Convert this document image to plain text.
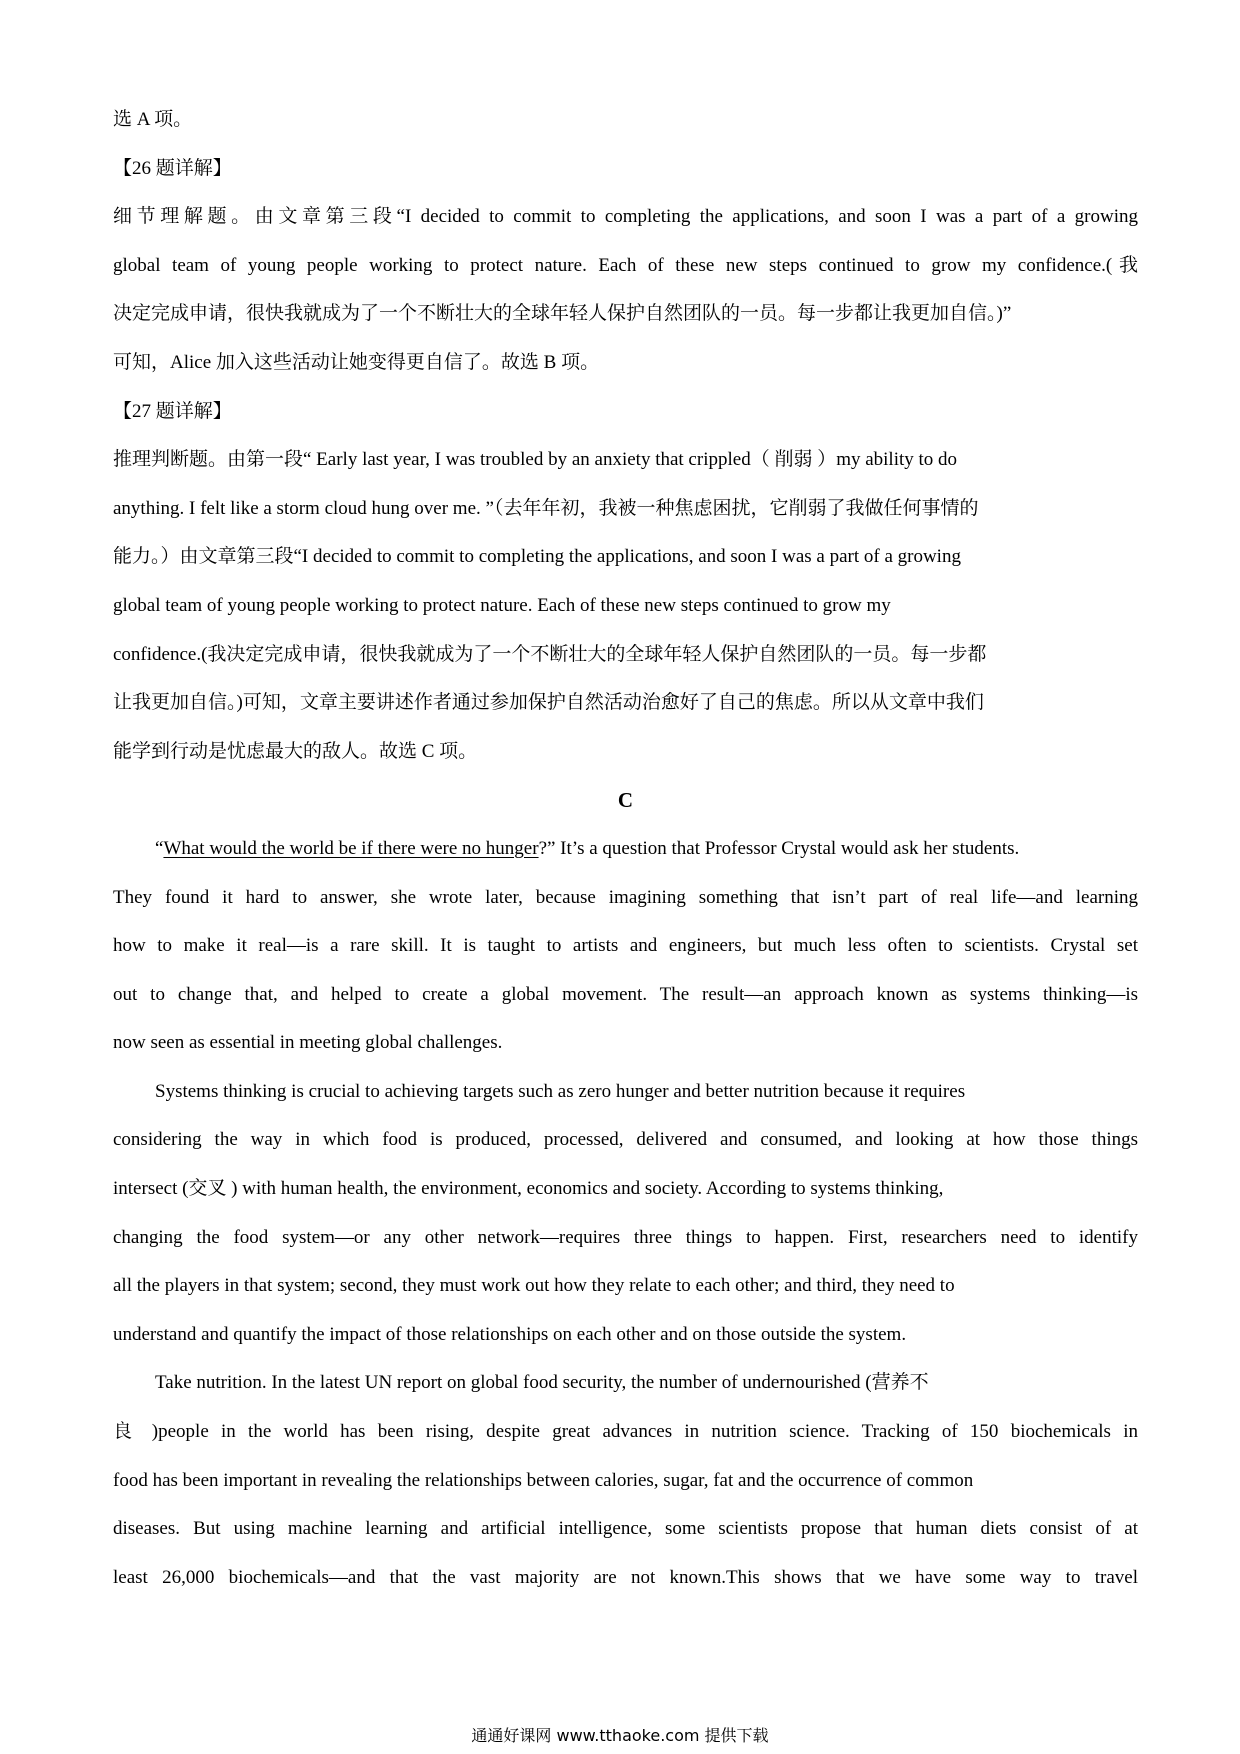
选 A 项。
【26 题详解】
细节理解题。由文章第三段“I decided to commit to completing the applications, and soon I was a part of a growing
global team of young people working to protect nature. Each of these new steps continued to grow my confidence.(我
决定完成申请，很快我就成为了一个不断壮大的全球年轻人保护自然团队的一员。每一步都让我更加自信。)”
可知，Alice 加入这些活动让她变得更自信了。故选 B 项。
【27 题详解】
推理判断题。由第一段“ Early last year, I was troubled by an anxiety that crippled（ 削弱 ）my ability to do
anything. I felt like a storm cloud hung over me. ”（去年年初，我被一种焦虑困扰，它削弱了我做任何事情的
能力。）由文章第三段“I decided to commit to completing the applications, and soon I was a part of a growing
global team of young people working to protect nature. Each of these new steps continued to grow my
confidence.(我决定完成申请，很快我就成为了一个不断壮大的全球年轻人保护自然团队的一员。每一步都
让我更加自信。)可知，文章主要讲述作者通过参加保护自然活动治愈好了自己的焦虑。所以从文章中我们
能学到行动是忧虑最大的敌人。故选 C 项。
C
“What would the world be if there were no hunger?” It’s a question that Professor Crystal would ask her students.
They found it hard to answer, she wrote later, because imagining something that isn’t part of real life—and learning
how to make it real—is a rare skill. It is taught to artists and engineers, but much less often to scientists. Crystal set
out to change that, and helped to create a global movement. The result—an approach known as systems thinking—is
now seen as essential in meeting global challenges.
Systems thinking is crucial to achieving targets such as zero hunger and better nutrition because it requires
considering the way in which food is produced, processed, delivered and consumed, and looking at how those things
intersect (交叉 ) with human health, the environment, economics and society. According to systems thinking,
changing the food system—or any other network—requires three things to happen. First, researchers need to identify
all the players in that system; second, they must work out how they relate to each other; and third, they need to
understand and quantify the impact of those relationships on each other and on those outside the system.
Take nutrition. In the latest UN report on global food security, the number of undernourished (营养不
良 )people in the world has been rising, despite great advances in nutrition science. Tracking of 150 biochemicals in
food has been important in revealing the relationships between calories, sugar, fat and the occurrence of common
diseases. But using machine learning and artificial intelligence, some scientists propose that human diets consist of at
least 26,000 biochemicals—and that the vast majority are not known.This shows that we have some way to travel
通通好课网 www.tthaoke.com 提供下载
